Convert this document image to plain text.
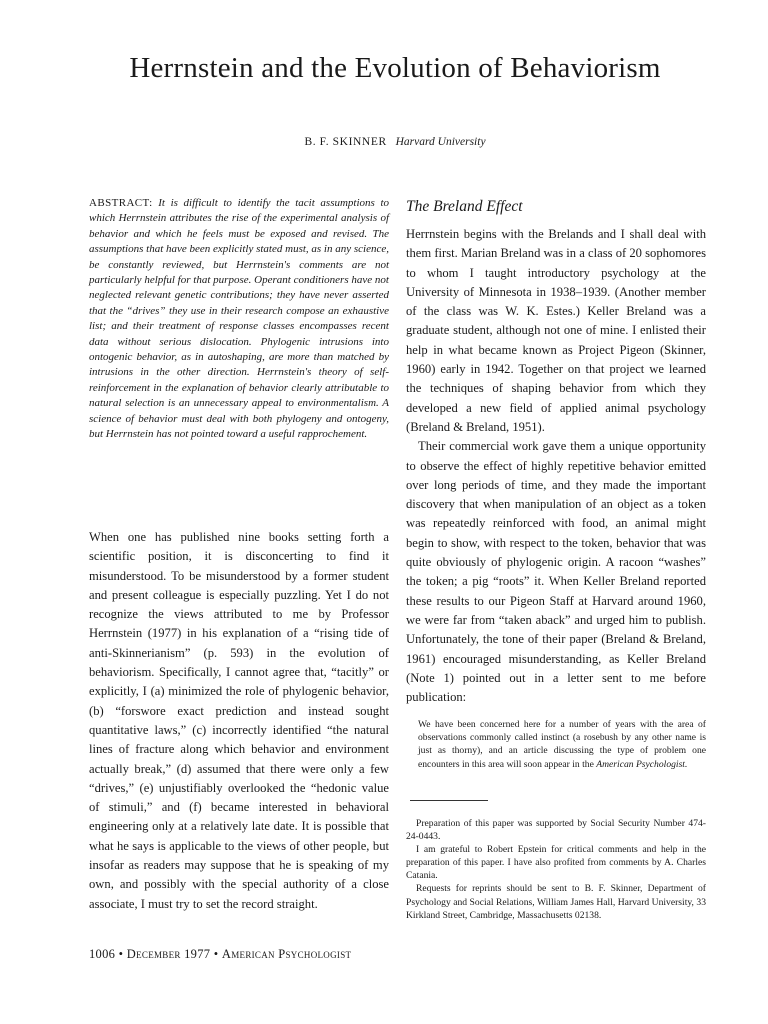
Herrnstein and the Evolution of Behaviorism
B. F. SKINNER Harvard University
ABSTRACT: It is difficult to identify the tacit assumptions to which Herrnstein attributes the rise of the experimental analysis of behavior and which he feels must be exposed and revised. The assumptions that have been explicitly stated must, as in any science, be constantly reviewed, but Herrnstein's comments are not particularly helpful for that purpose. Operant conditioners have not neglected relevant genetic contributions; they have never asserted that the “drives” they use in their research compose an exhaustive list; and their treatment of response classes encompasses recent data without serious dislocation. Phylogenic intrusions into ontogenic behavior, as in autoshaping, are more than matched by intrusions in the other direction. Herrnstein's theory of self-reinforcement in the explanation of behavior clearly attributable to natural selection is an unnecessary appeal to environmentalism. A science of behavior must deal with both phylogeny and ontogeny, but Herrnstein has not pointed toward a useful rapprochement.
When one has published nine books setting forth a scientific position, it is disconcerting to find it misunderstood. To be misunderstood by a former student and present colleague is especially puzzling. Yet I do not recognize the views attributed to me by Professor Herrnstein (1977) in his explanation of a “rising tide of anti-Skinnerianism” (p. 593) in the evolution of behaviorism. Specifically, I cannot agree that, “tacitly” or explicitly, I (a) minimized the role of phylogenic behavior, (b) “forswore exact prediction and instead sought quantitative laws,” (c) incorrectly identified “the natural lines of fracture along which behavior and environment actually break,” (d) assumed that there were only a few “drives,” (e) unjustifiably overlooked the “hedonic value of stimuli,” and (f) became interested in behavioral engineering only at a relatively late date. It is possible that what he says is applicable to the views of other people, but insofar as readers may suppose that he is speaking of my own, and possibly with the special authority of a close associate, I must try to set the record straight.
The Breland Effect

Herrnstein begins with the Brelands and I shall deal with them first. Marian Breland was in a class of 20 sophomores to whom I taught introductory psychology at the University of Minnesota in 1938–1939. (Another member of the class was W. K. Estes.) Keller Breland was a graduate student, although not one of mine. I enlisted their help in what became known as Project Pigeon (Skinner, 1960) early in 1942. Together on that project we learned the techniques of shaping behavior from which they developed a new field of applied animal psychology (Breland & Breland, 1951).

Their commercial work gave them a unique opportunity to observe the effect of highly repetitive behavior emitted over long periods of time, and they made the important discovery that when manipulation of an object as a token was repeatedly reinforced with food, an animal might begin to show, with respect to the token, behavior that was quite obviously of phylogenic origin. A racoon “washes” the token; a pig “roots” it. When Keller Breland reported these results to our Pigeon Staff at Harvard around 1960, we were far from “taken aback” and urged him to publish. Unfortunately, the tone of their paper (Breland & Breland, 1961) encouraged misunderstanding, as Keller Breland (Note 1) pointed out in a letter sent to me before publication:

We have been concerned here for a number of years with the area of observations commonly called instinct (a rosebush by any other name is just as thorny), and an article discussing the type of problem one encounters in this area will soon appear in the American Psychologist.

Preparation of this paper was supported by Social Security Number 474-24-0443.

I am grateful to Robert Epstein for critical comments and help in the preparation of this paper. I have also profited from comments by A. Charles Catania.

Requests for reprints should be sent to B. F. Skinner, Department of Psychology and Social Relations, William James Hall, Harvard University, 33 Kirkland Street, Cambridge, Massachusetts 02138.

1006 • December 1977 • American Psychologist
